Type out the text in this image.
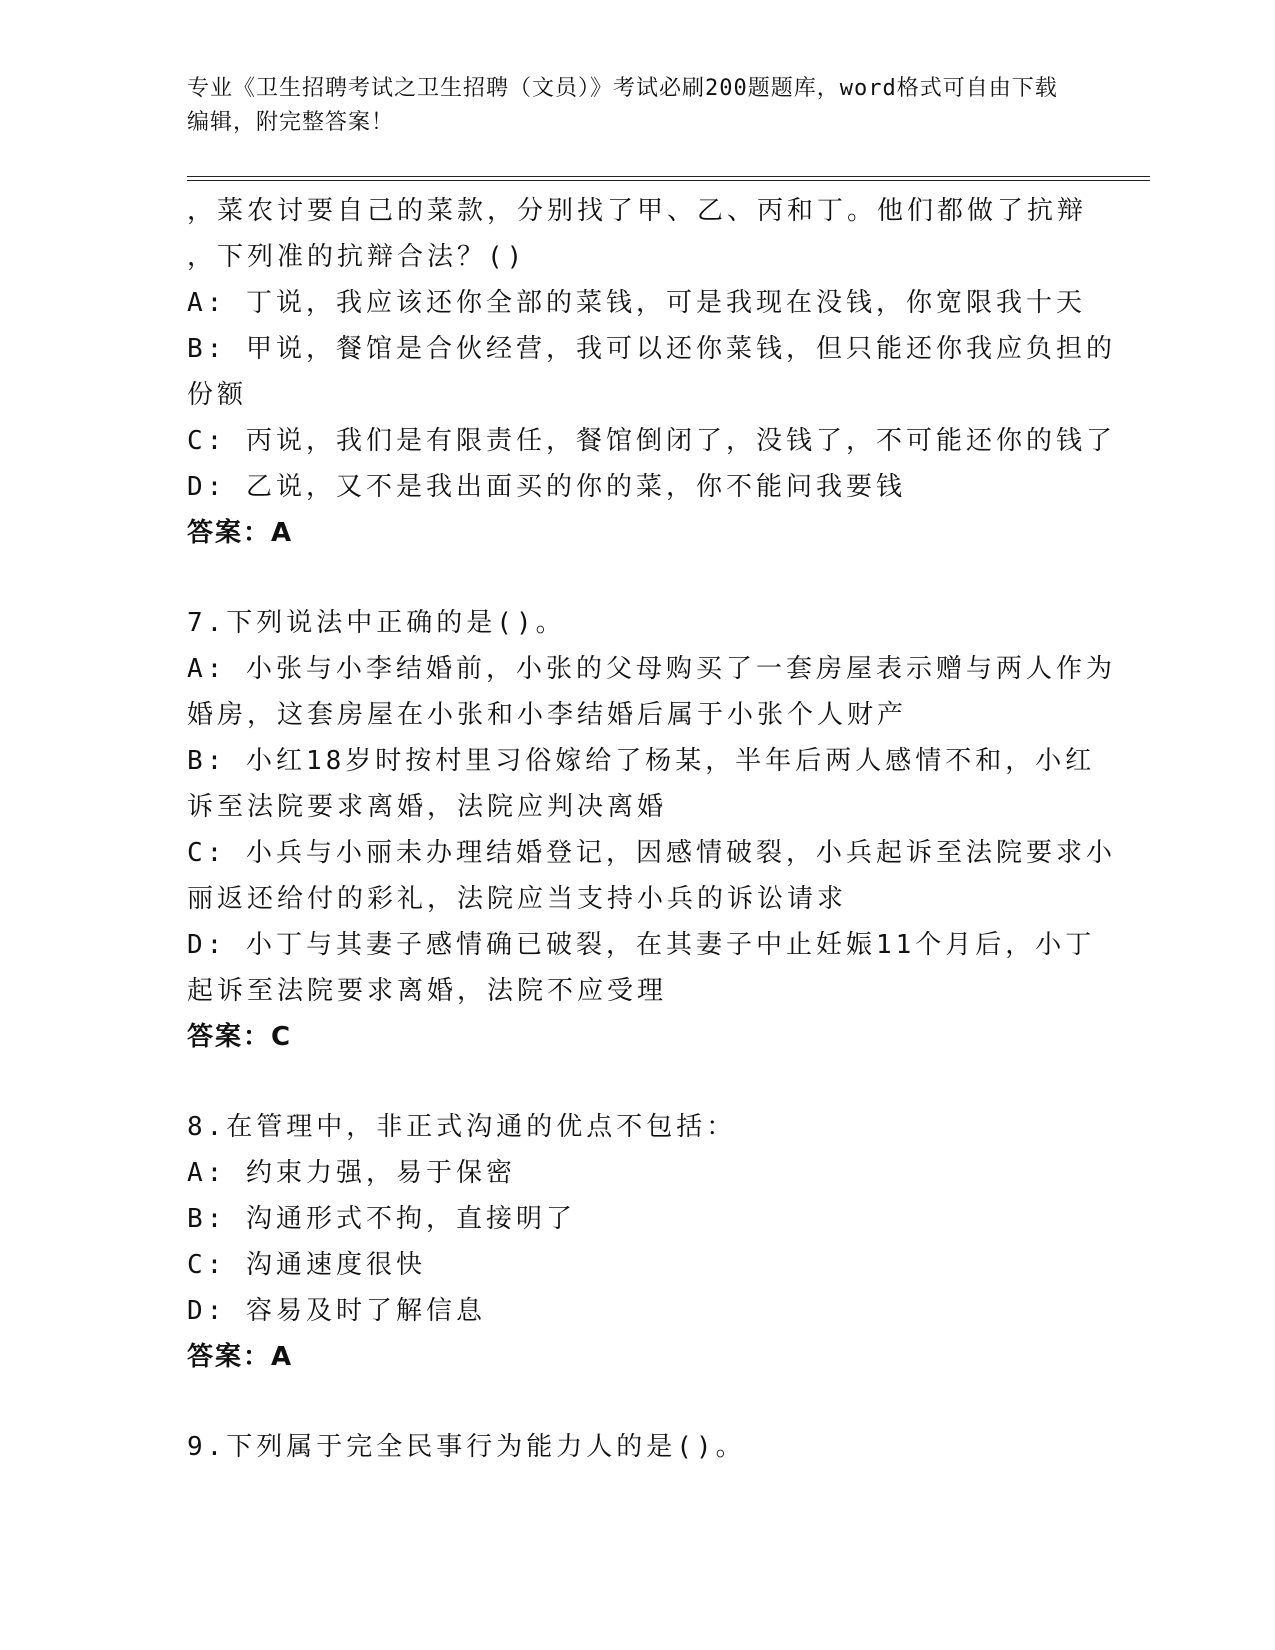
专业《卫生招聘考试之卫生招聘（文员）》考试必刷200题题库，word格式可自由下载编辑，附完整答案！
，菜农讨要自己的菜款，分别找了甲、乙、丙和丁。他们都做了抗辩
，下列准的抗辩合法？()
A: 丁说，我应该还你全部的菜钱，可是我现在没钱，你宽限我十天
B: 甲说，餐馆是合伙经营，我可以还你菜钱，但只能还你我应负担的
份额
C: 丙说，我们是有限责任，餐馆倒闭了，没钱了，不可能还你的钱了
D: 乙说，又不是我出面买的你的菜，你不能问我要钱
答案：A
7.下列说法中正确的是()。
A: 小张与小李结婚前，小张的父母购买了一套房屋表示赠与两人作为
婚房，这套房屋在小张和小李结婚后属于小张个人财产
B: 小红18岁时按村里习俗嫁给了杨某，半年后两人感情不和，小红
诉至法院要求离婚，法院应判决离婚
C: 小兵与小丽未办理结婚登记，因感情破裂，小兵起诉至法院要求小
丽返还给付的彩礼，法院应当支持小兵的诉讼请求
D: 小丁与其妻子感情确已破裂，在其妻子中止妊娠11个月后，小丁
起诉至法院要求离婚，法院不应受理
答案：C
8.在管理中，非正式沟通的优点不包括：
A: 约束力强，易于保密
B: 沟通形式不拘，直接明了
C: 沟通速度很快
D: 容易及时了解信息
答案：A
9.下列属于完全民事行为能力人的是()。
